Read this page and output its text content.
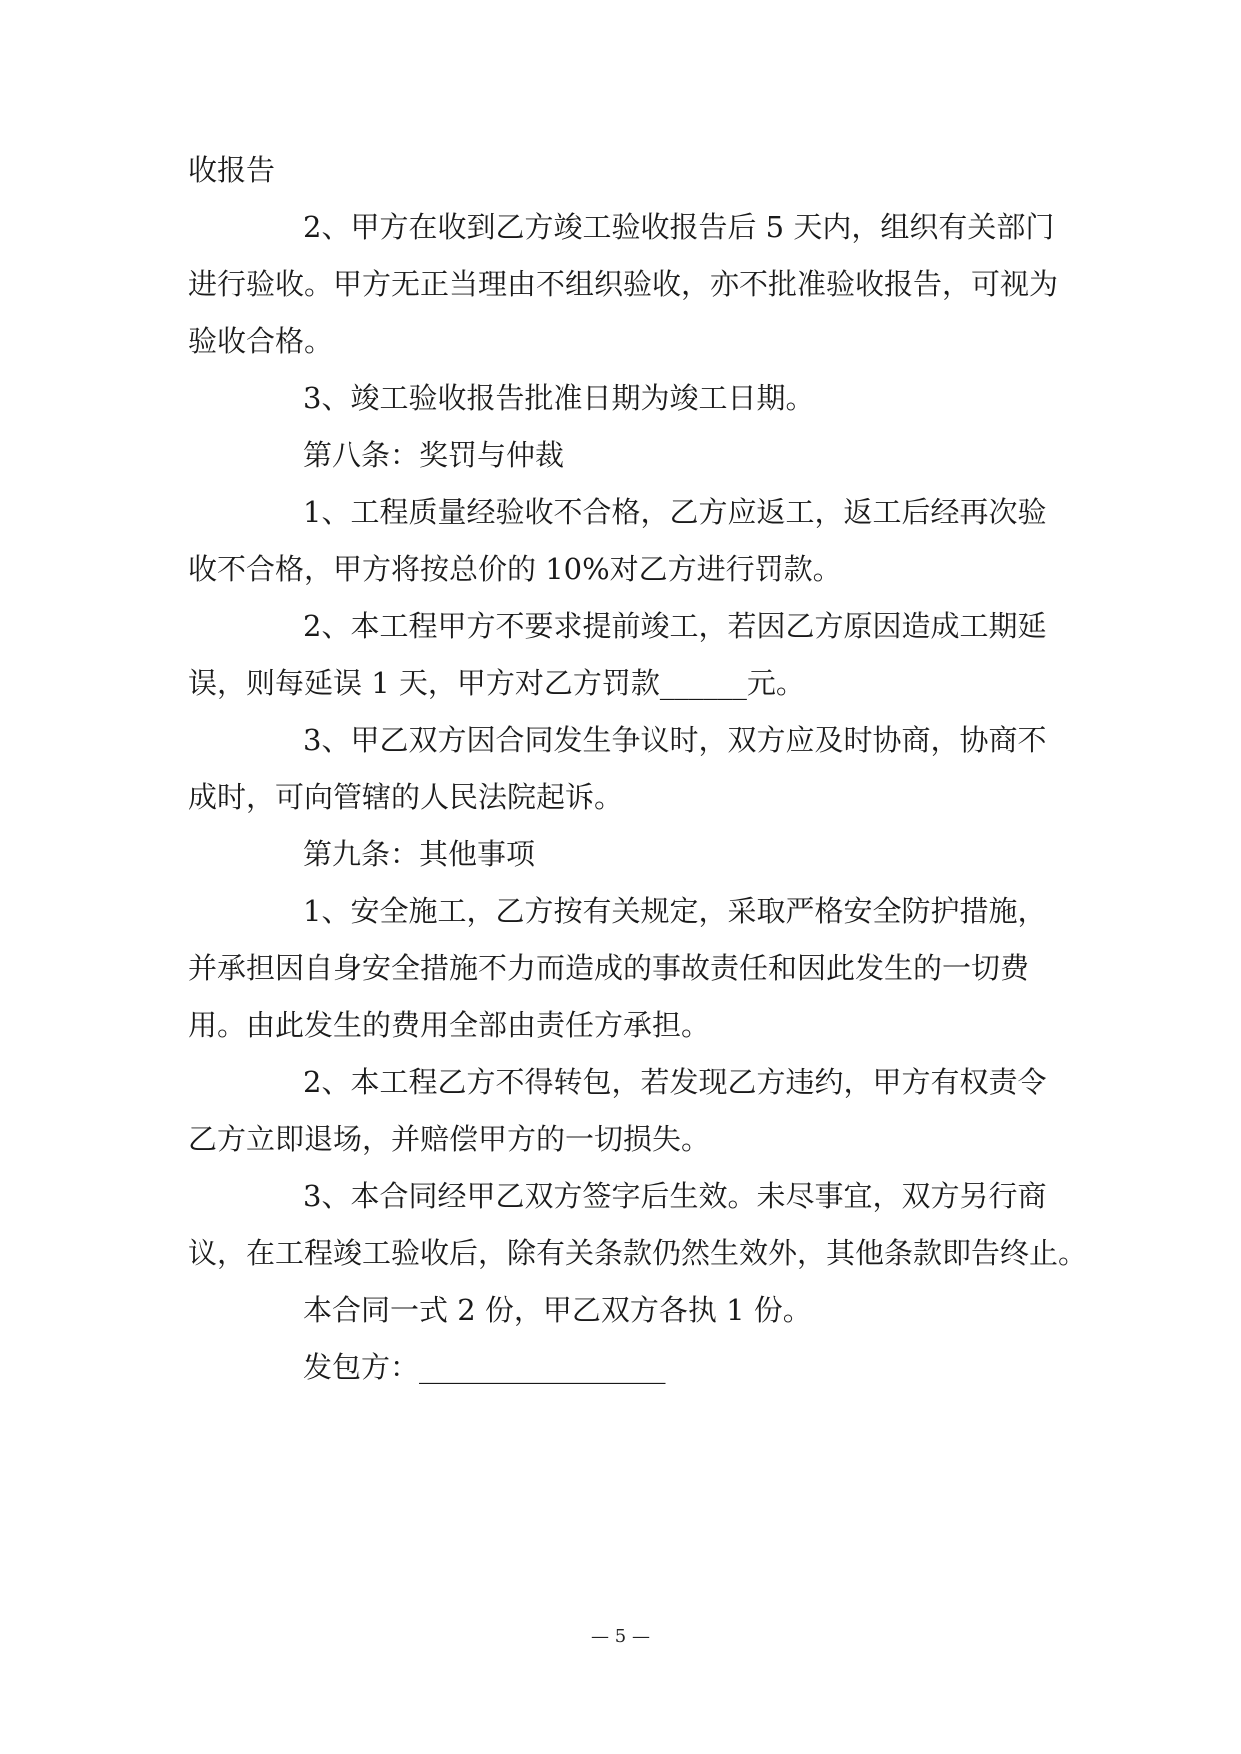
收报告
2、甲方在收到乙方竣工验收报告后 5 天内，组织有关部门
进行验收。甲方无正当理由不组织验收，亦不批准验收报告，可视为
验收合格。
3、竣工验收报告批准日期为竣工日期。
第八条：奖罚与仲裁
1、工程质量经验收不合格，乙方应返工，返工后经再次验
收不合格，甲方将按总价的 10%对乙方进行罚款。
2、本工程甲方不要求提前竣工，若因乙方原因造成工期延
误，则每延误 1 天，甲方对乙方罚款______元。
3、甲乙双方因合同发生争议时，双方应及时协商，协商不
成时，可向管辖的人民法院起诉。
第九条：其他事项
1、安全施工，乙方按有关规定，采取严格安全防护措施，
并承担因自身安全措施不力而造成的事故责任和因此发生的一切费
用。由此发生的费用全部由责任方承担。
2、本工程乙方不得转包，若发现乙方违约，甲方有权责令
乙方立即退场，并赔偿甲方的一切损失。
3、本合同经甲乙双方签字后生效。未尽事宜，双方另行商
议，在工程竣工验收后，除有关条款仍然生效外，其他条款即告终止。
本合同一式 2 份，甲乙双方各执 1 份。
发包方：_________________
— 5 —
